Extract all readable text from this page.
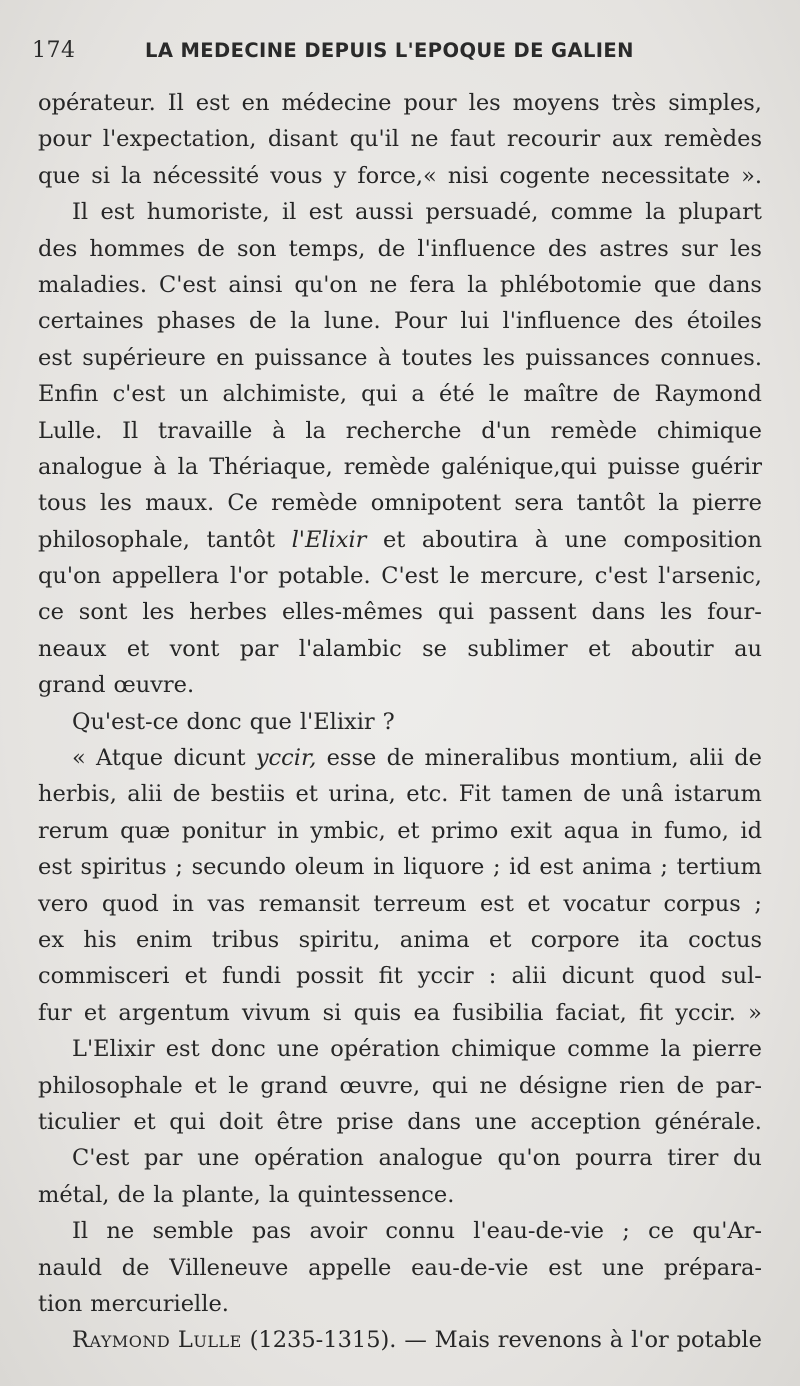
174	LA MEDECINE DEPUIS L'EPOQUE DE GALIEN
opérateur. Il est en médecine pour les moyens très simples,
pour l'expectation, disant qu'il ne faut recourir aux remèdes
que si la nécessité vous y force,« nisi cogente necessitate ».
Il est humoriste, il est aussi persuadé, comme la plupart
des hommes de son temps, de l'influence des astres sur les
maladies. C'est ainsi qu'on ne fera la phlébotomie que dans
certaines phases de la lune. Pour lui l'influence des étoiles
est supérieure en puissance à toutes les puissances connues.
Enfin c'est un alchimiste, qui a été le maître de Raymond
Lulle. Il travaille à la recherche d'un remède chimique
analogue à la Thériaque, remède galénique,qui puisse guérir
tous les maux. Ce remède omnipotent sera tantôt la pierre
philosophale, tantôt l'Elixir et aboutira à une composition
qu'on appellera l'or potable. C'est le mercure, c'est l'arsenic,
ce sont les herbes elles-mêmes qui passent dans les four-
neaux et vont par l'alambic se sublimer et aboutir au
grand œuvre.
Qu'est-ce donc que l'Elixir ?
« Atque dicunt yccir, esse de mineralibus montium, alii de
herbis, alii de bestiis et urina, etc. Fit tamen de unâ istarum
rerum quæ ponitur in ymbic, et primo exit aqua in fumo, id
est spiritus ; secundo oleum in liquore ; id est anima ; tertium
vero quod in vas remansit terreum est et vocatur corpus ;
ex his enim tribus spiritu, anima et corpore ita coctus
commisceri et fundi possit fit yccir : alii dicunt quod sul-
fur et argentum vivum si quis ea fusibilia faciat, fit yccir. »
L'Elixir est donc une opération chimique comme la pierre
philosophale et le grand œuvre, qui ne désigne rien de par-
ticulier et qui doit être prise dans une acception générale.
C'est par une opération analogue qu'on pourra tirer du
métal, de la plante, la quintessence.
Il ne semble pas avoir connu l'eau-de-vie ; ce qu'Ar-
nauld de Villeneuve appelle eau-de-vie est une prépara-
tion mercurielle.
Raymond Lulle (1235-1315). — Mais revenons à l'or potable
